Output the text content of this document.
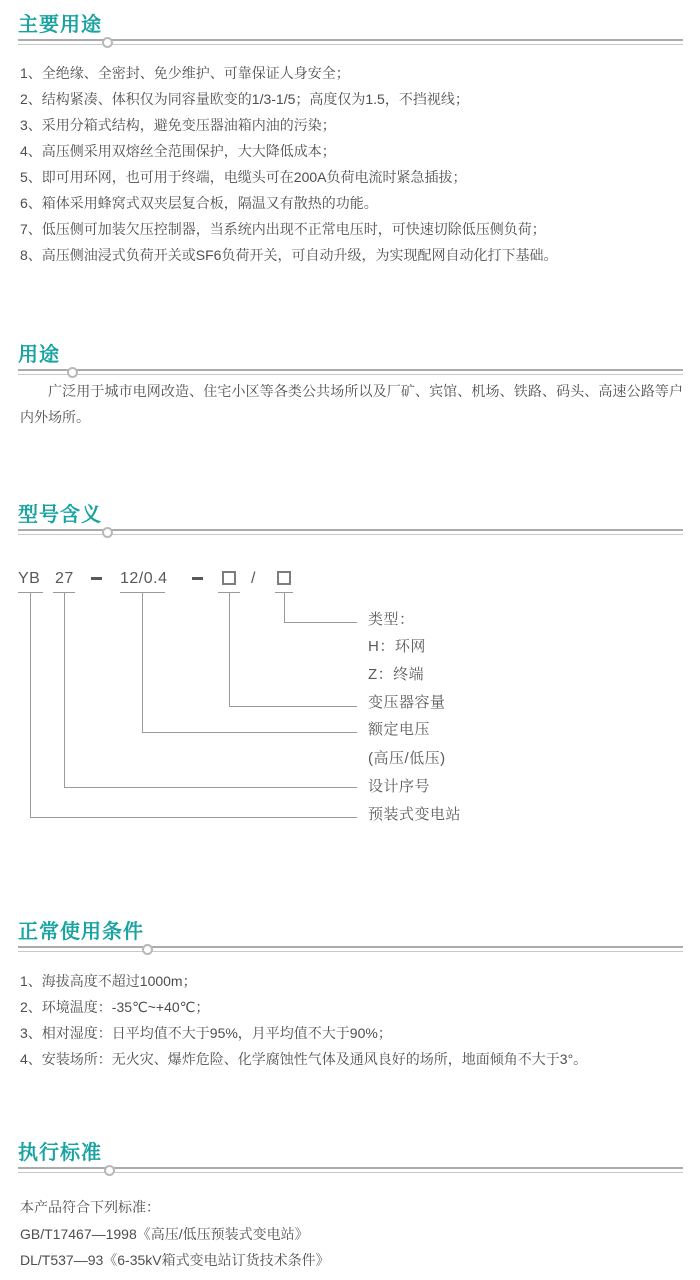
主要用途
1、全绝缘、全密封、免少维护、可靠保证人身安全；
2、结构紧凑、体积仅为同容量欧变的1/3-1/5；高度仅为1.5，不挡视线；
3、采用分箱式结构，避免变压器油箱内油的污染；
4、高压侧采用双熔丝全范围保护，大大降低成本；
5、即可用环网，也可用于终端，电缆头可在200A负荷电流时紧急插拔；
6、箱体采用蜂窝式双夹层复合板，隔温又有散热的功能。
7、低压侧可加装欠压控制器，当系统内出现不正常电压时，可快速切除低压侧负荷；
8、高压侧油浸式负荷开关或SF6负荷开关，可自动升级，为实现配网自动化打下基础。
用途
广泛用于城市电网改造、住宅小区等各类公共场所以及厂矿、宾馆、机场、铁路、码头、高速公路等户内外场所。
型号含义
YB 27	12/0.4	/
类型：
H：环网
Z：终端
变压器容量
额定电压
(高压/低压)
设计序号
预装式变电站
正常使用条件
1、海拔高度不超过1000m；
2、环境温度：-35℃~+40℃；
3、相对湿度：日平均值不大于95%，月平均值不大于90%；
4、安装场所：无火灾、爆炸危险、化学腐蚀性气体及通风良好的场所，地面倾角不大于3°。
执行标准
本产品符合下列标准：
GB/T17467—1998《高压/低压预装式变电站》
DL/T537—93《6-35kV箱式变电站订货技术条件》
